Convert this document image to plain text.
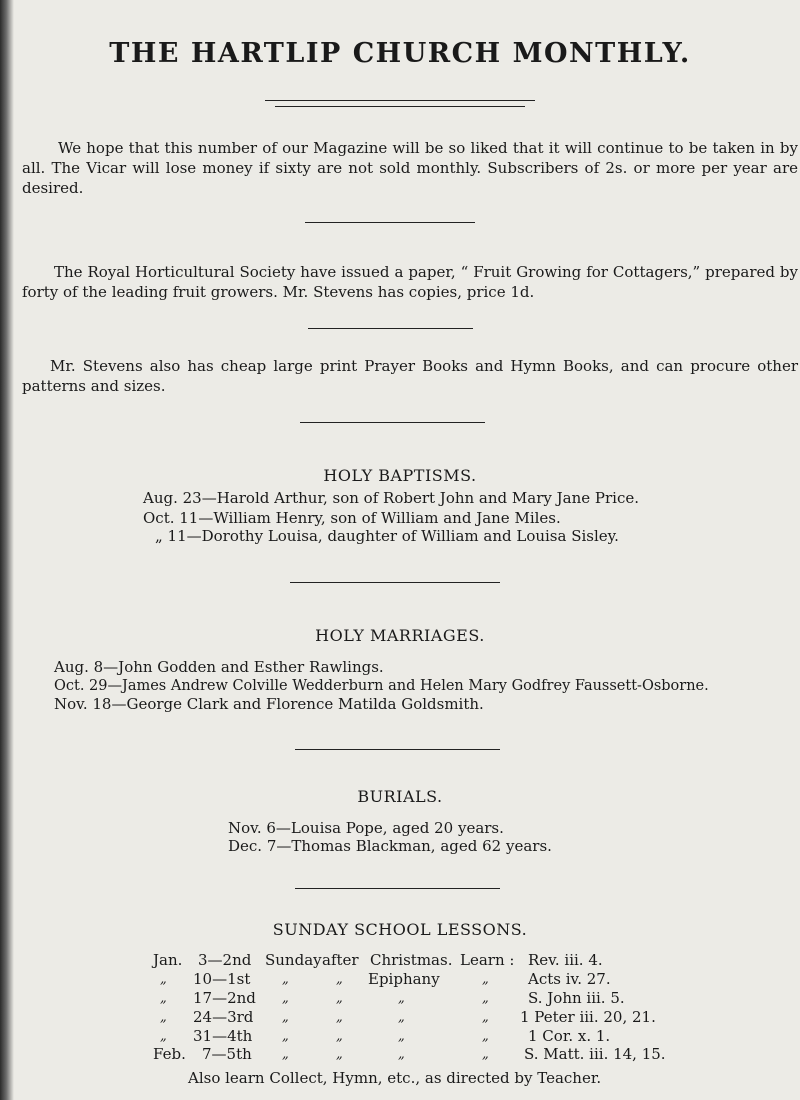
THE HARTLIP CHURCH MONTHLY.
We hope that this number of our Magazine will be so liked that it will continue to be taken in by all. The Vicar will lose money if sixty are not sold monthly. Subscribers of 2s. or more per year are desired.
The Royal Horticultural Society have issued a paper, “ Fruit Growing for Cottagers,” prepared by forty of the leading fruit growers. Mr. Stevens has copies, price 1d.
Mr. Stevens also has cheap large print Prayer Books and Hymn Books, and can procure other patterns and sizes.
HOLY BAPTISMS.
Aug. 23—Harold Arthur, son of Robert John and Mary Jane Price.
Oct. 11—William Henry, son of William and Jane Miles.
„ 11—Dorothy Louisa, daughter of William and Louisa Sisley.
HOLY MARRIAGES.
Aug. 8—John Godden and Esther Rawlings.
Oct. 29—James Andrew Colville Wedderburn and Helen Mary Godfrey Faussett-Osborne.
Nov. 18—George Clark and Florence Matilda Goldsmith.
BURIALS.
Nov. 6—Louisa Pope, aged 20 years.
Dec. 7—Thomas Blackman, aged 62 years.
SUNDAY SCHOOL LESSONS.
Jan. 3—2nd Sunday after Christmas. Learn : Rev. iii. 4.
„ 10—1st „	„ Epiphany	„	Acts iv. 27.
„ 17—2nd „	„	„	„	S. John iii. 5.
„ 24—3rd „	„	„	„ 1 Peter iii. 20, 21.
„ 31—4th „	„	„	„	1 Cor. x. 1.
Feb. 7—5th „	„	„	„ S. Matt. iii. 14, 15.
Also learn Collect, Hymn, etc., as directed by Teacher.
